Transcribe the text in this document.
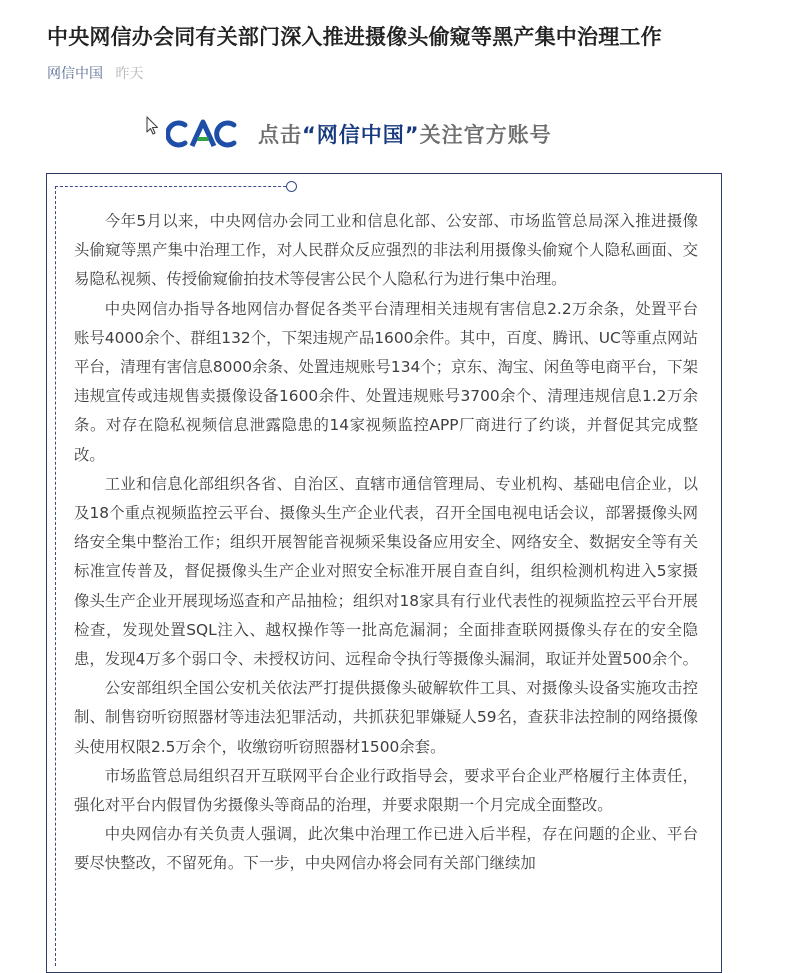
中央网信办会同有关部门深入推进摄像头偷窥等黑产集中治理工作
网信中国 昨天
点击“网信中国”关注官方账号

今年5月以来，中央网信办会同工业和信息化部、公安部、市场监管总局深入推进摄像头偷窥等黑产集中治理工作，对人民群众反应强烈的非法利用摄像头偷窥个人隐私画面、交易隐私视频、传授偷窥偷拍技术等侵害公民个人隐私行为进行集中治理。

中央网信办指导各地网信办督促各类平台清理相关违规有害信息2.2万余条，处置平台账号4000余个、群组132个，下架违规产品1600余件。其中，百度、腾讯、UC等重点网站平台，清理有害信息8000余条、处置违规账号134个；京东、淘宝、闲鱼等电商平台，下架违规宣传或违规售卖摄像设备1600余件、处置违规账号3700余个、清理违规信息1.2万余条。对存在隐私视频信息泄露隐患的14家视频监控APP厂商进行了约谈，并督促其完成整改。

工业和信息化部组织各省、自治区、直辖市通信管理局、专业机构、基础电信企业，以及18个重点视频监控云平台、摄像头生产企业代表，召开全国电视电话会议，部署摄像头网络安全集中整治工作；组织开展智能音视频采集设备应用安全、网络安全、数据安全等有关标准宣传普及，督促摄像头生产企业对照安全标准开展自查自纠，组织检测机构进入5家摄像头生产企业开展现场巡查和产品抽检；组织对18家具有行业代表性的视频监控云平台开展检查，发现处置SQL注入、越权操作等一批高危漏洞；全面排查联网摄像头存在的安全隐患，发现4万多个弱口令、未授权访问、远程命令执行等摄像头漏洞，取证并处置500余个。

公安部组织全国公安机关依法严打提供摄像头破解软件工具、对摄像头设备实施攻击控制、制售窃听窃照器材等违法犯罪活动，共抓获犯罪嫌疑人59名，查获非法控制的网络摄像头使用权限2.5万余个，收缴窃听窃照器材1500余套。

市场监管总局组织召开互联网平台企业行政指导会，要求平台企业严格履行主体责任，强化对平台内假冒伪劣摄像头等商品的治理，并要求限期一个月完成全面整改。

中央网信办有关负责人强调，此次集中治理工作已进入后半程，存在问题的企业、平台要尽快整改，不留死角。下一步，中央网信办将会同有关部门继续加
